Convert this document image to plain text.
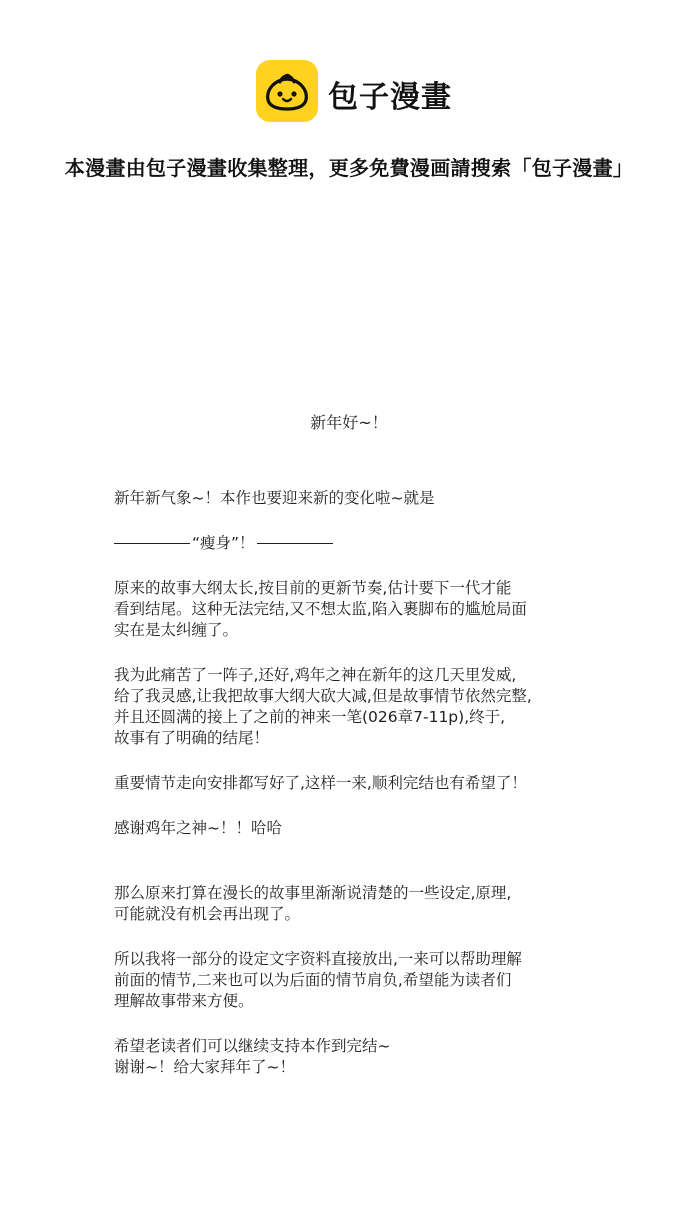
包子漫畫
本漫畫由包子漫畫收集整理，更多免費漫画請搜索「包子漫畫」
新年好~！

新年新气象~！本作也要迎来新的变化啦~就是

“瘦身”！

原来的故事大纲太长,按目前的更新节奏,估计要下一代才能

看到结尾。这种无法完结,又不想太监,陷入裹脚布的尴尬局面

实在是太纠缠了。

我为此痛苦了一阵子,还好,鸡年之神在新年的这几天里发威,

给了我灵感,让我把故事大纲大砍大减,但是故事情节依然完整,

并且还圆满的接上了之前的神来一笔(026章7-11p),终于,

故事有了明确的结尾！

重要情节走向安排都写好了,这样一来,顺利完结也有希望了！

感谢鸡年之神~！！哈哈

那么原来打算在漫长的故事里渐渐说清楚的一些设定,原理,

可能就没有机会再出现了。

所以我将一部分的设定文字资料直接放出,一来可以帮助理解

前面的情节,二来也可以为后面的情节肩负,希望能为读者们

理解故事带来方便。

希望老读者们可以继续支持本作到完结~

谢谢~！给大家拜年了~！
